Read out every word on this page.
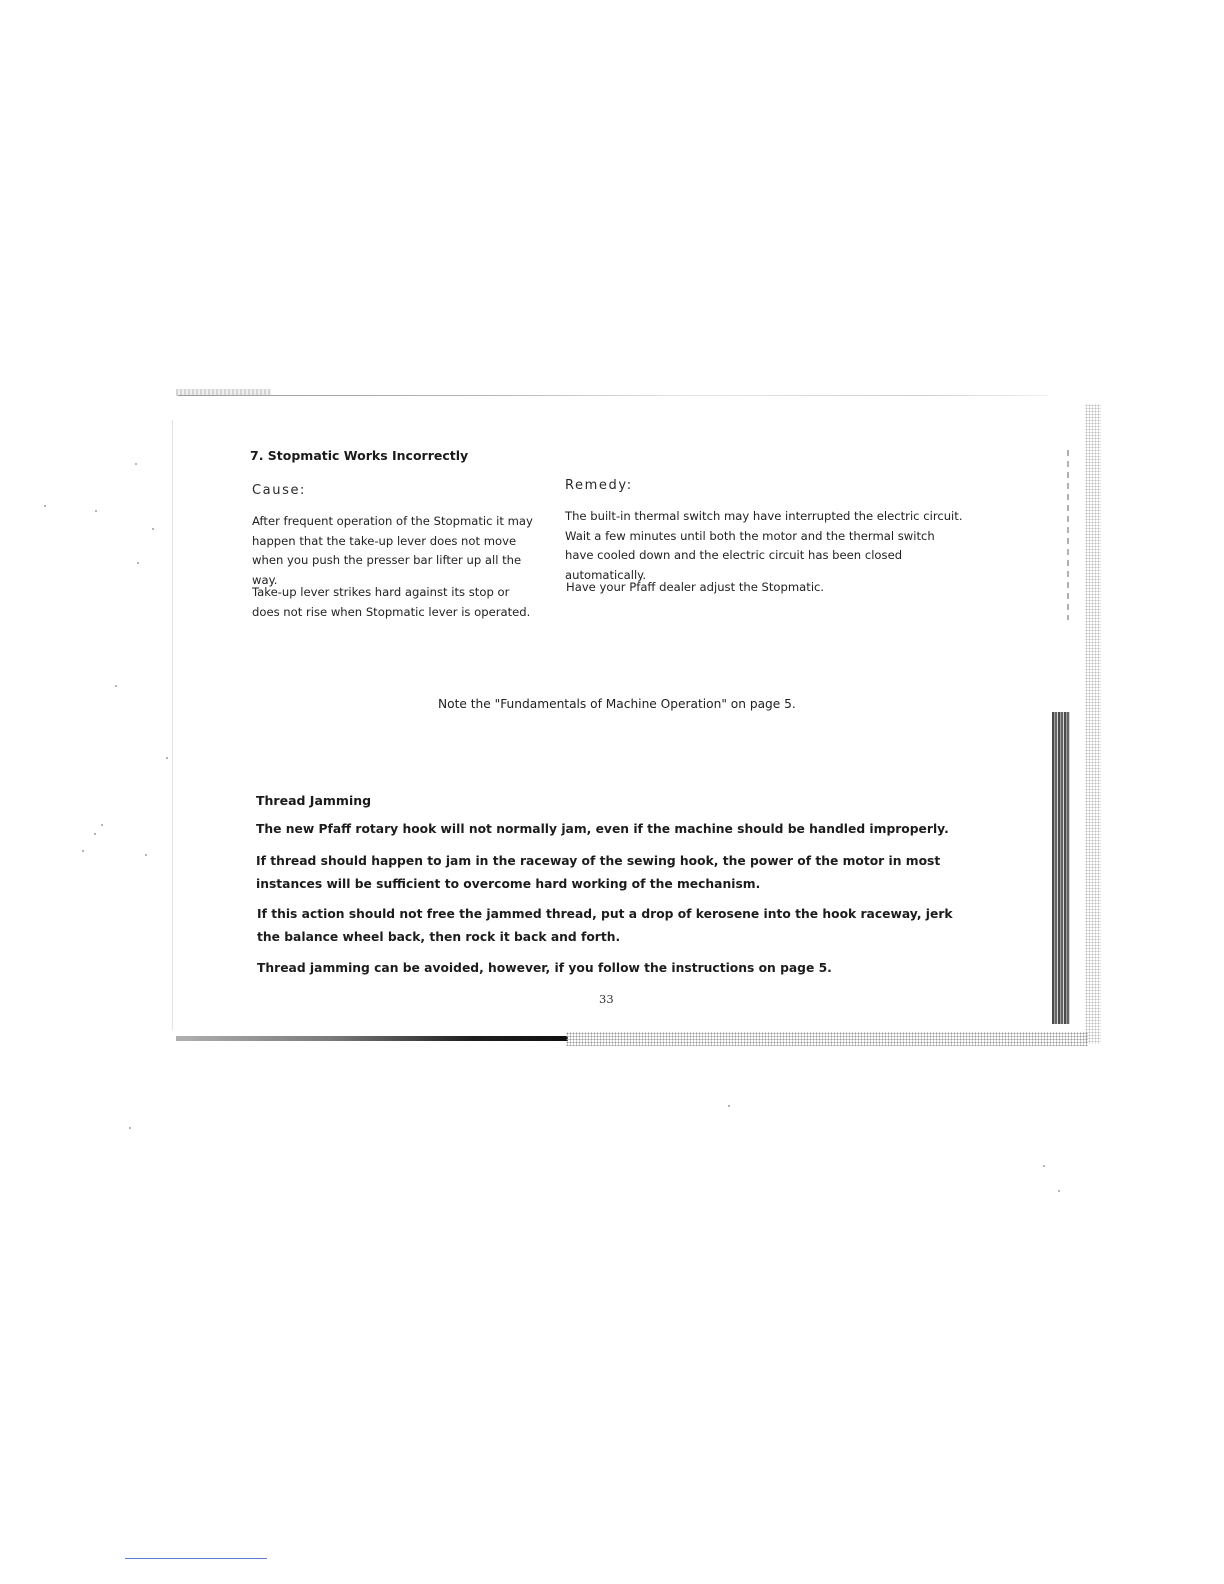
7. Stopmatic Works Incorrectly
Cause:	Remedy:
After frequent operation of the Stopmatic it may happen that the take-up lever does not move when you push the presser bar lifter up all the way.
The built-in thermal switch may have interrupted the electric circuit. Wait a few minutes until both the motor and the thermal switch have cooled down and the electric circuit has been closed automatically.
Take-up lever strikes hard against its stop or does not rise when Stopmatic lever is operated.
Have your Pfaff dealer adjust the Stopmatic.
Note the "Fundamentals of Machine Operation" on page 5.
Thread Jamming
The new Pfaff rotary hook will not normally jam, even if the machine should be handled improperly.
If thread should happen to jam in the raceway of the sewing hook, the power of the motor in most instances will be sufficient to overcome hard working of the mechanism.
If this action should not free the jammed thread, put a drop of kerosene into the hook raceway, jerk the balance wheel back, then rock it back and forth.
Thread jamming can be avoided, however, if you follow the instructions on page 5.
33
